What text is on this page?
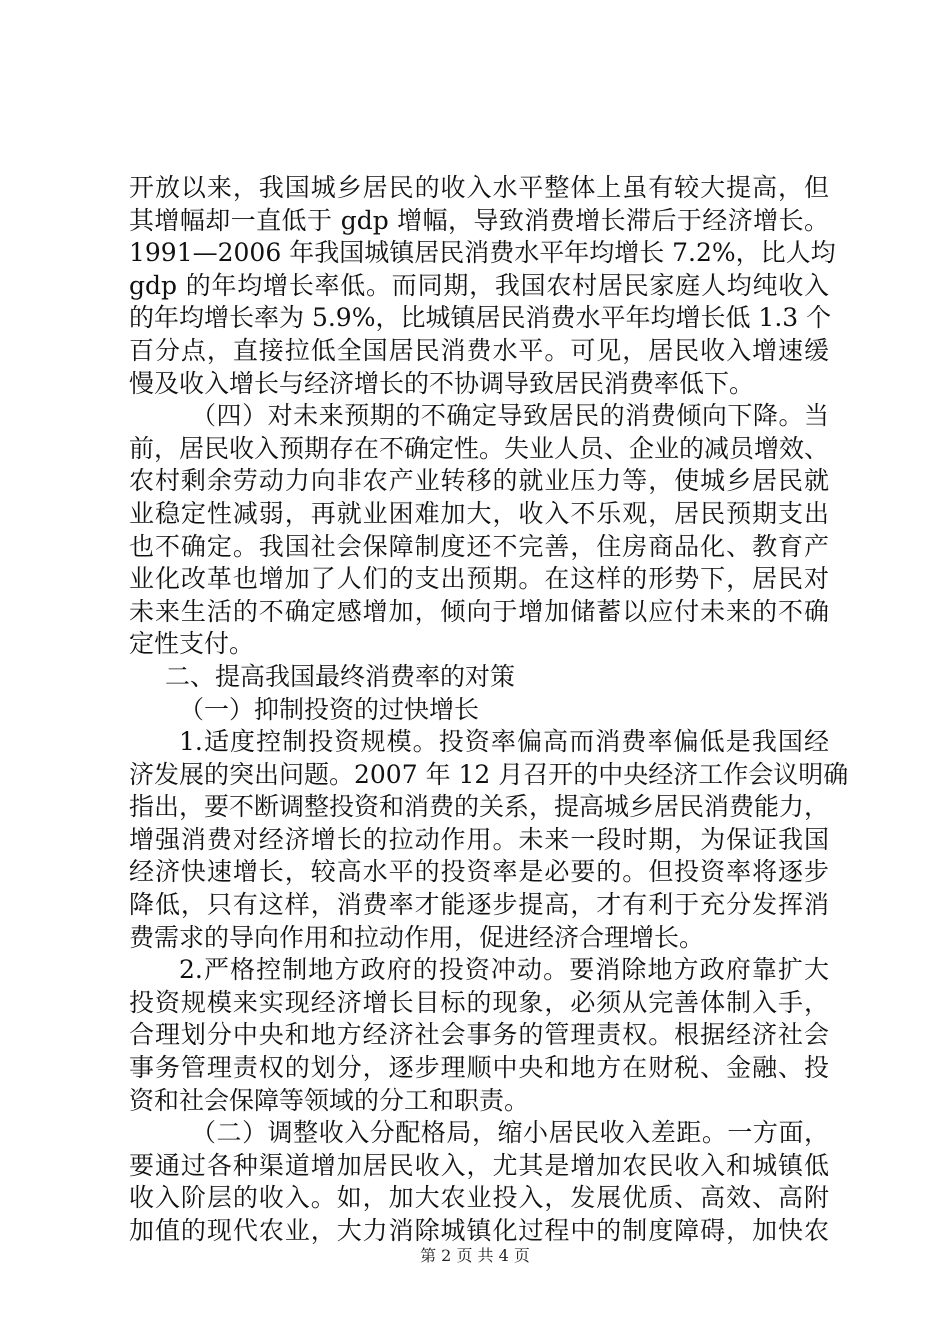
开放以来，我国城乡居民的收入水平整体上虽有较大提高，但
其增幅却一直低于 gdp 增幅，导致消费增长滞后于经济增长。
1991—2006 年我国城镇居民消费水平年均增长 7.2%，比人均
gdp 的年均增长率低。而同期，我国农村居民家庭人均纯收入
的年均增长率为 5.9%，比城镇居民消费水平年均增长低 1.3 个
百分点，直接拉低全国居民消费水平。可见，居民收入增速缓
慢及收入增长与经济增长的不协调导致居民消费率低下。
（四）对未来预期的不确定导致居民的消费倾向下降。当
前，居民收入预期存在不确定性。失业人员、企业的减员增效、
农村剩余劳动力向非农产业转移的就业压力等，使城乡居民就
业稳定性减弱，再就业困难加大，收入不乐观，居民预期支出
也不确定。我国社会保障制度还不完善，住房商品化、教育产
业化改革也增加了人们的支出预期。在这样的形势下，居民对
未来生活的不确定感增加，倾向于增加储蓄以应付未来的不确
定性支付。
二、提高我国最终消费率的对策
（一）抑制投资的过快增长
1.适度控制投资规模。投资率偏高而消费率偏低是我国经
济发展的突出问题。2007 年 12 月召开的中央经济工作会议明确
指出，要不断调整投资和消费的关系，提高城乡居民消费能力，
增强消费对经济增长的拉动作用。未来一段时期，为保证我国
经济快速增长，较高水平的投资率是必要的。但投资率将逐步
降低，只有这样，消费率才能逐步提高，才有利于充分发挥消
费需求的导向作用和拉动作用，促进经济合理增长。
2.严格控制地方政府的投资冲动。要消除地方政府靠扩大
投资规模来实现经济增长目标的现象，必须从完善体制入手，
合理划分中央和地方经济社会事务的管理责权。根据经济社会
事务管理责权的划分，逐步理顺中央和地方在财税、金融、投
资和社会保障等领域的分工和职责。
（二）调整收入分配格局，缩小居民收入差距。一方面，
要通过各种渠道增加居民收入，尤其是增加农民收入和城镇低
收入阶层的收入。如，加大农业投入，发展优质、高效、高附
加值的现代农业，大力消除城镇化过程中的制度障碍，加快农
第 2 页 共 4 页
